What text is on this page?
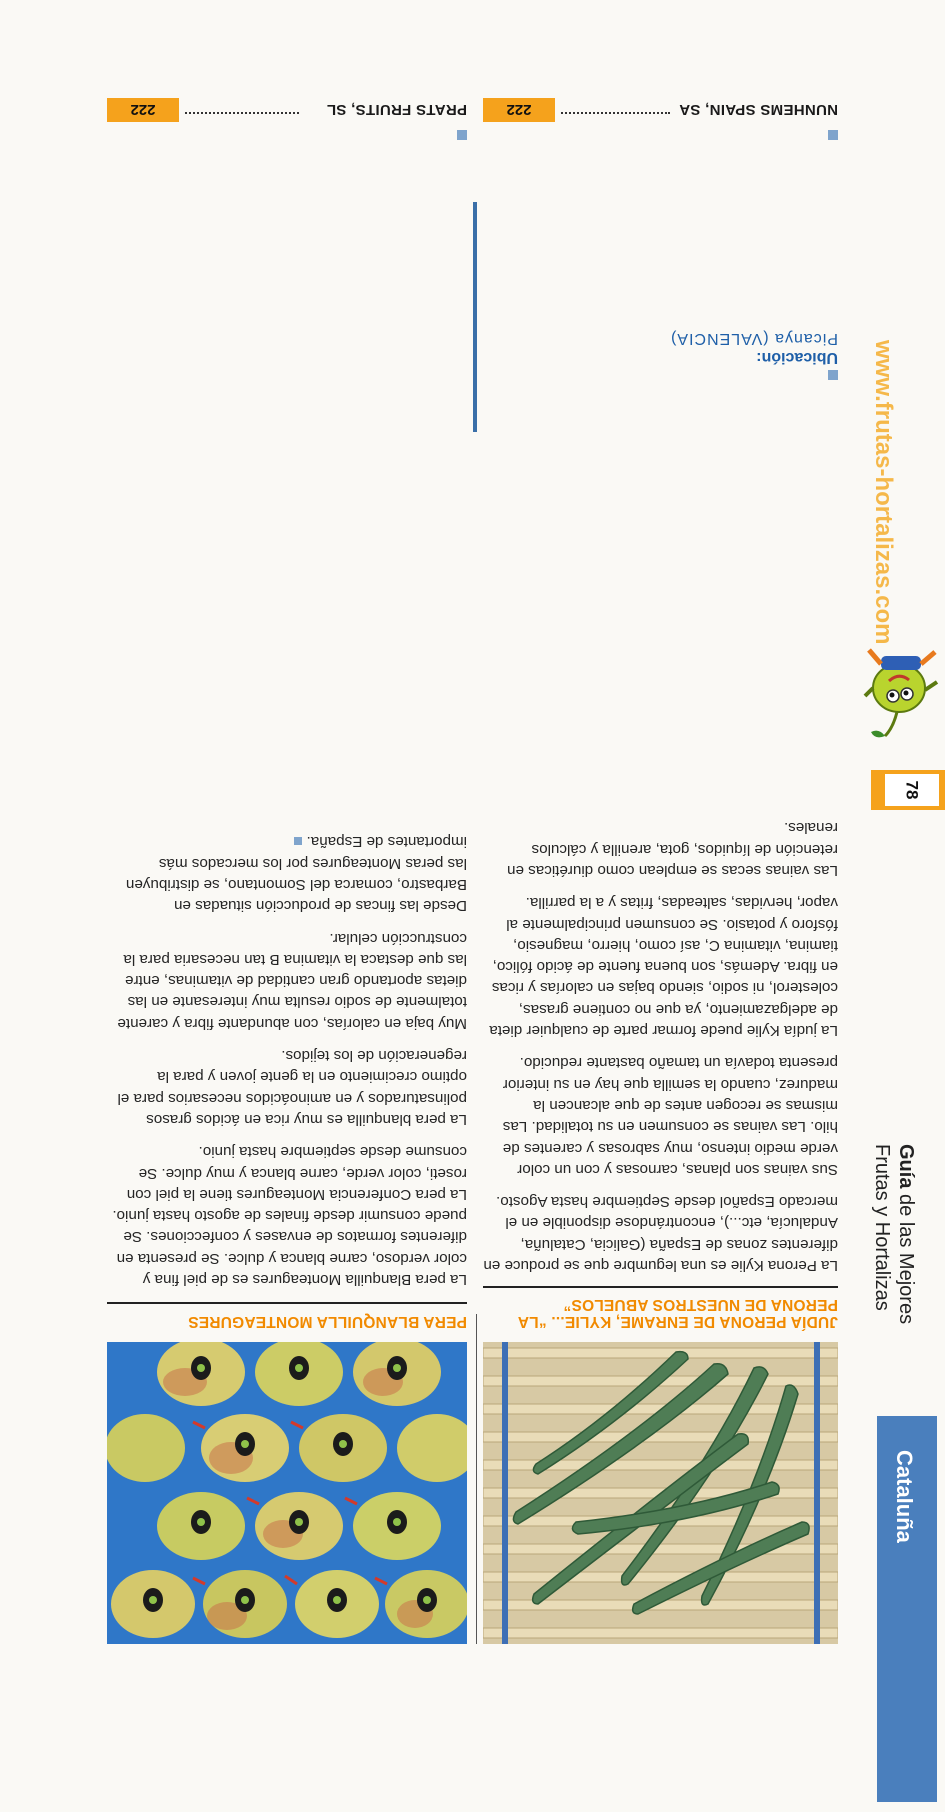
Cataluña
Guía de las Mejores
Frutas y Hortalizas
78
www.frutas-hortalizas.com
JUDÍA PERONA DE ENRAME, KYLIE... “LA PERONA DE NUESTROS ABUELOS”

La Perona Kylie es una legumbre que se produce en diferentes zonas de España (Galicia, Cataluña, Andalucía, etc...), encontrándose disponible en el mercado Español desde Septiembre hasta Agosto.

Sus vainas son planas, carnosas y con un color verde medio intenso, muy sabrosas y carentes de hilo. Las vainas se consumen en su totalidad. Las mismas se recogen antes de que alcancen la madurez, cuando la semilla que hay en su interior presenta todavía un tamaño bastante reducido.

La judía Kylie puede formar parte de cualquier dieta de adelgazamiento, ya que no contiene grasas, colesterol, ni sodio, siendo bajas en calorías y ricas en fibra. Además, son buena fuente de ácido fólico, tiamina, vitamina C, así como, hierro, magnesio, fósforo y potasio. Se consumen principalmente al vapor, hervidas, salteadas, fritas y a la parrilla.

Las vainas secas se emplean como diuréticas en retención de líquidos, gota, arenilla y cálculos renales.

Ubicación:
Picanya (VALENCIA)
NUNHEMS SPAIN, SA
222
PERA BLANQUILLA MONTEAGURES

La pera Blanquilla Monteagures es de piel fina y color verdoso, carne blanca y dulce. Se presenta en diferentes formatos de envases y confecciones. Se puede consumir desde finales de agosto hasta junio. La pera Conferencia Monteagures tiene la piel con roseti, color verde, carne blanca y muy dulce. Se consume desde septiembre hasta junio.

La pera blanquilla es muy rica en ácidos grasos polinsaturados y en aminoácidos necesarios para el optimo crecimiento en la gente joven y para la regeneración de los tejidos.

Muy baja en calorías, con abundante fibra y carente totalmente de sodio resulta muy interesante en las dietas aportando gran cantidad de vitaminas, entre las que destaca la vitamina B tan necesaria para la construcción celular.

Desde las fincas de producción situadas en Barbastro, comarca del Somontano, se distribuyen las peras Monteagures por los mercados más importantes de España.

PRATS FRUITS, SL
222
